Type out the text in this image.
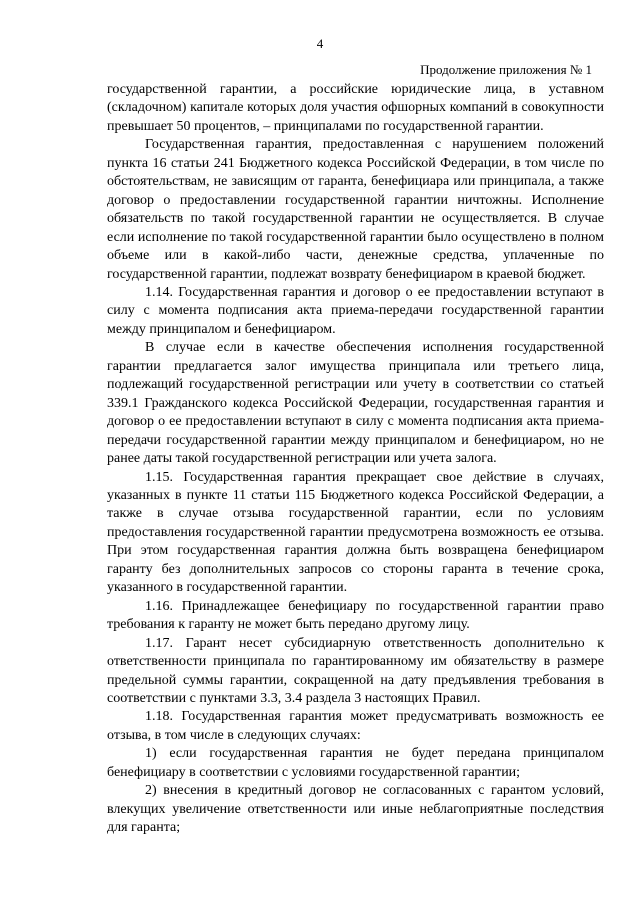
4
Продолжение приложения № 1

государственной гарантии, а российские юридические лица, в уставном (складочном) капитале которых доля участия офшорных компаний в совокупности превышает 50 процентов, – принципалами по государственной гарантии.

Государственная гарантия, предоставленная с нарушением положений пункта 16 статьи 241 Бюджетного кодекса Российской Федерации, в том числе по обстоятельствам, не зависящим от гаранта, бенефициара или принципала, а также договор о предоставлении государственной гарантии ничтожны. Исполнение обязательств по такой государственной гарантии не осуществляется. В случае если исполнение по такой государственной гарантии было осуществлено в полном объеме или в какой-либо части, денежные средства, уплаченные по государственной гарантии, подлежат возврату бенефициаром в краевой бюджет.

1.14. Государственная гарантия и договор о ее предоставлении вступают в силу с момента подписания акта приема-передачи государственной гарантии между принципалом и бенефициаром.

В случае если в качестве обеспечения исполнения государственной гарантии предлагается залог имущества принципала или третьего лица, подлежащий государственной регистрации или учету в соответствии со статьей 339.1 Гражданского кодекса Российской Федерации, государственная гарантия и договор о ее предоставлении вступают в силу с момента подписания акта приема-передачи государственной гарантии между принципалом и бенефициаром, но не ранее даты такой государственной регистрации или учета залога.

1.15. Государственная гарантия прекращает свое действие в случаях, указанных в пункте 11 статьи 115 Бюджетного кодекса Российской Федерации, а также в случае отзыва государственной гарантии, если по условиям предоставления государственной гарантии предусмотрена возможность ее отзыва. При этом государственная гарантия должна быть возвращена бенефициаром гаранту без дополнительных запросов со стороны гаранта в течение срока, указанного в государственной гарантии.

1.16. Принадлежащее бенефициару по государственной гарантии право требования к гаранту не может быть передано другому лицу.

1.17. Гарант несет субсидиарную ответственность дополнительно к ответственности принципала по гарантированному им обязательству в размере предельной суммы гарантии, сокращенной на дату предъявления требования в соответствии с пунктами 3.3, 3.4 раздела 3 настоящих Правил.

1.18. Государственная гарантия может предусматривать возможность ее отзыва, в том числе в следующих случаях:

1) если государственная гарантия не будет передана принципалом бенефициару в соответствии с условиями государственной гарантии;

2) внесения в кредитный договор не согласованных с гарантом условий, влекущих увеличение ответственности или иные неблагоприятные последствия для гаранта;
